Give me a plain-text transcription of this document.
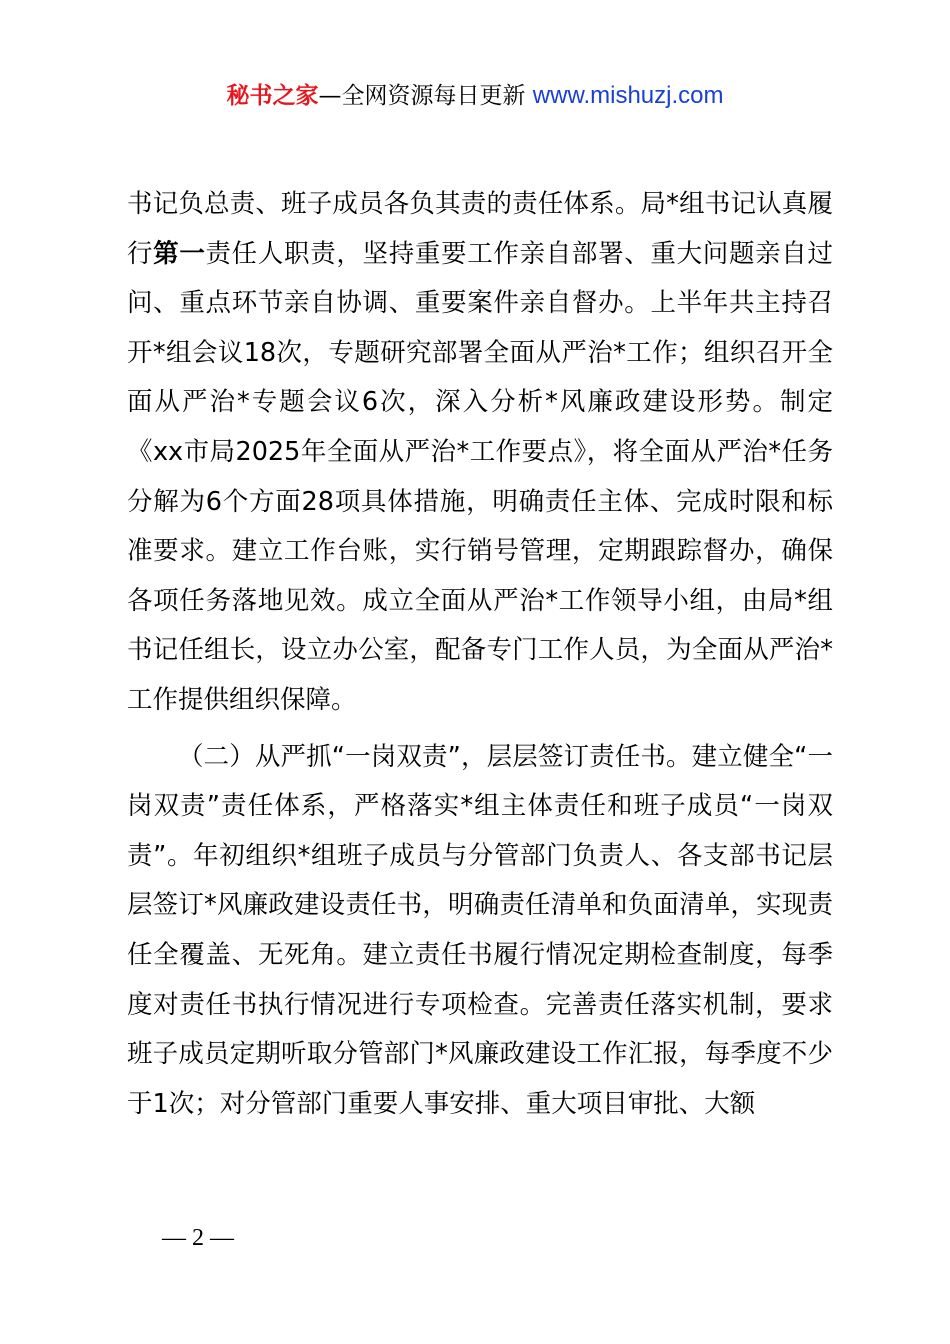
秘书之家—全网资源每日更新 www.mishuzj.com

书记负总责、班子成员各负其责的责任体系。局*组书记认真履行第一责任人职责，坚持重要工作亲自部署、重大问题亲自过问、重点环节亲自协调、重要案件亲自督办。上半年共主持召开*组会议18次，专题研究部署全面从严治*工作；组织召开全面从严治*专题会议6次，深入分析*风廉政建设形势。制定《xx市局2025年全面从严治*工作要点》，将全面从严治*任务分解为6个方面28项具体措施，明确责任主体、完成时限和标准要求。建立工作台账，实行销号管理，定期跟踪督办，确保各项任务落地见效。成立全面从严治*工作领导小组，由局*组书记任组长，设立办公室，配备专门工作人员，为全面从严治*工作提供组织保障。

（二）从严抓“一岗双责”，层层签订责任书。建立健全“一岗双责”责任体系，严格落实*组主体责任和班子成员“一岗双责”。年初组织*组班子成员与分管部门负责人、各支部书记层层签订*风廉政建设责任书，明确责任清单和负面清单，实现责任全覆盖、无死角。建立责任书履行情况定期检查制度，每季度对责任书执行情况进行专项检查。完善责任落实机制，要求班子成员定期听取分管部门*风廉政建设工作汇报，每季度不少于1次；对分管部门重要人事安排、重大项目审批、大额

— 2 —
